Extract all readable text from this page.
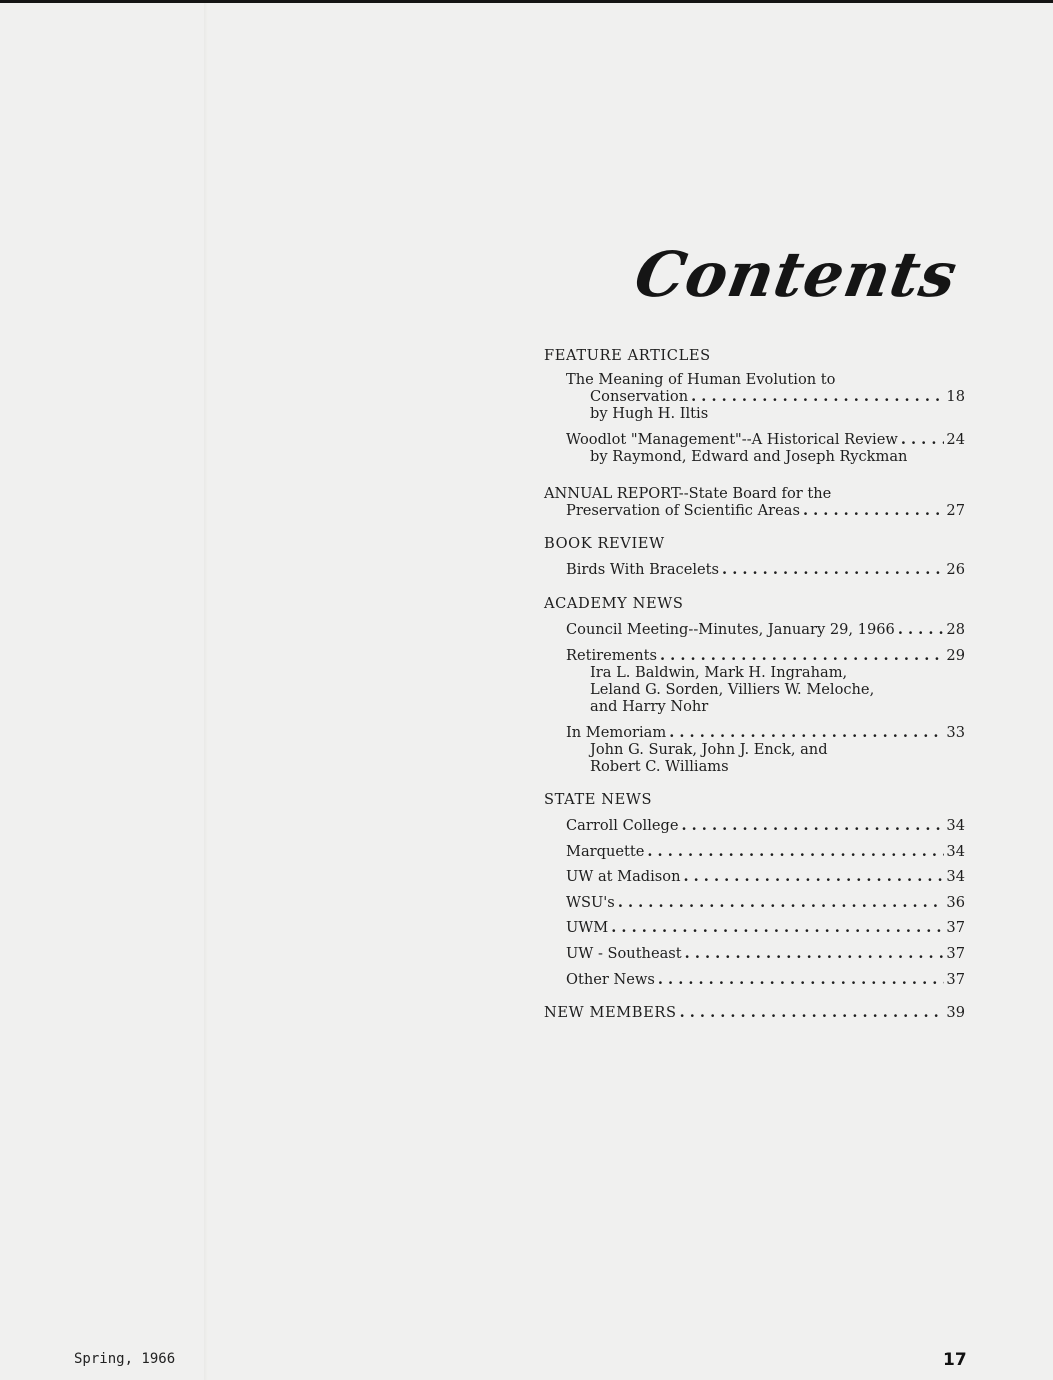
Contents
FEATURE ARTICLES
The Meaning of Human Evolution to
Conservation . . .	18
by Hugh H. Iltis
Woodlot "Management"--A Historical Review . . .	24
by Raymond, Edward and Joseph Ryckman
ANNUAL REPORT--State Board for the
Preservation of Scientific Areas . . .	27
BOOK REVIEW
Birds With Bracelets . . .	26
ACADEMY NEWS
Council Meeting--Minutes, January 29, 1966 . . .	28
Retirements . . .	29
Ira L. Baldwin, Mark H. Ingraham,
Leland G. Sorden, Villiers W. Meloche,
and Harry Nohr
In Memoriam . . .	33
John G. Surak, John J. Enck, and
Robert C. Williams
STATE NEWS
Carroll College . . .	34
Marquette . . .	34
UW at Madison . . .	34
WSU's . . .	36
UWM . . .	37
UW - Southeast . . .	37
Other News . . .	37
NEW MEMBERS . . .	39
Spring, 1966	17
